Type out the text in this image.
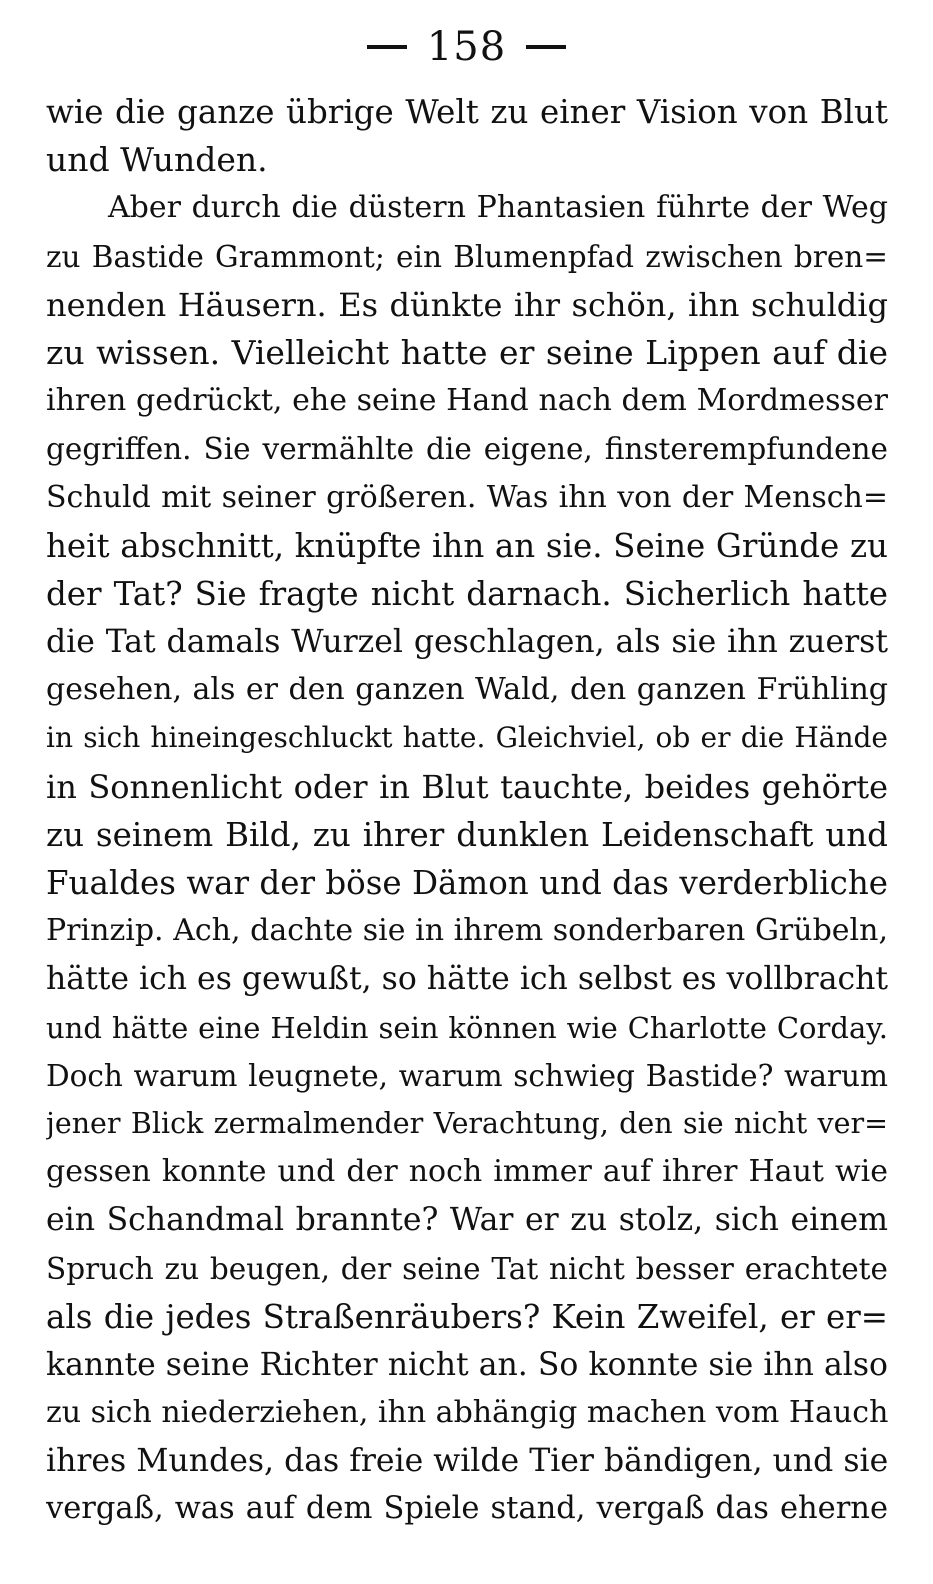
158
wie die ganze übrige Welt zu einer Vision von Blut
und Wunden.
Aber durch die düstern Phantasien führte der Weg
zu Bastide Grammont; ein Blumenpfad zwischen bren=
nenden Häusern. Es dünkte ihr schön, ihn schuldig
zu wissen. Vielleicht hatte er seine Lippen auf die
ihren gedrückt, ehe seine Hand nach dem Mordmesser
gegriffen. Sie vermählte die eigene, finsterempfundene
Schuld mit seiner größeren. Was ihn von der Mensch=
heit abschnitt, knüpfte ihn an sie. Seine Gründe zu
der Tat? Sie fragte nicht darnach. Sicherlich hatte
die Tat damals Wurzel geschlagen, als sie ihn zuerst
gesehen, als er den ganzen Wald, den ganzen Frühling
in sich hineingeschluckt hatte. Gleichviel, ob er die Hände
in Sonnenlicht oder in Blut tauchte, beides gehörte
zu seinem Bild, zu ihrer dunklen Leidenschaft und
Fualdes war der böse Dämon und das verderbliche
Prinzip. Ach, dachte sie in ihrem sonderbaren Grübeln,
hätte ich es gewußt, so hätte ich selbst es vollbracht
und hätte eine Heldin sein können wie Charlotte Corday.
Doch warum leugnete, warum schwieg Bastide? warum
jener Blick zermalmender Verachtung, den sie nicht ver=
gessen konnte und der noch immer auf ihrer Haut wie
ein Schandmal brannte? War er zu stolz, sich einem
Spruch zu beugen, der seine Tat nicht besser erachtete
als die jedes Straßenräubers? Kein Zweifel, er er=
kannte seine Richter nicht an. So konnte sie ihn also
zu sich niederziehen, ihn abhängig machen vom Hauch
ihres Mundes, das freie wilde Tier bändigen, und sie
vergaß, was auf dem Spiele stand, vergaß das eherne
